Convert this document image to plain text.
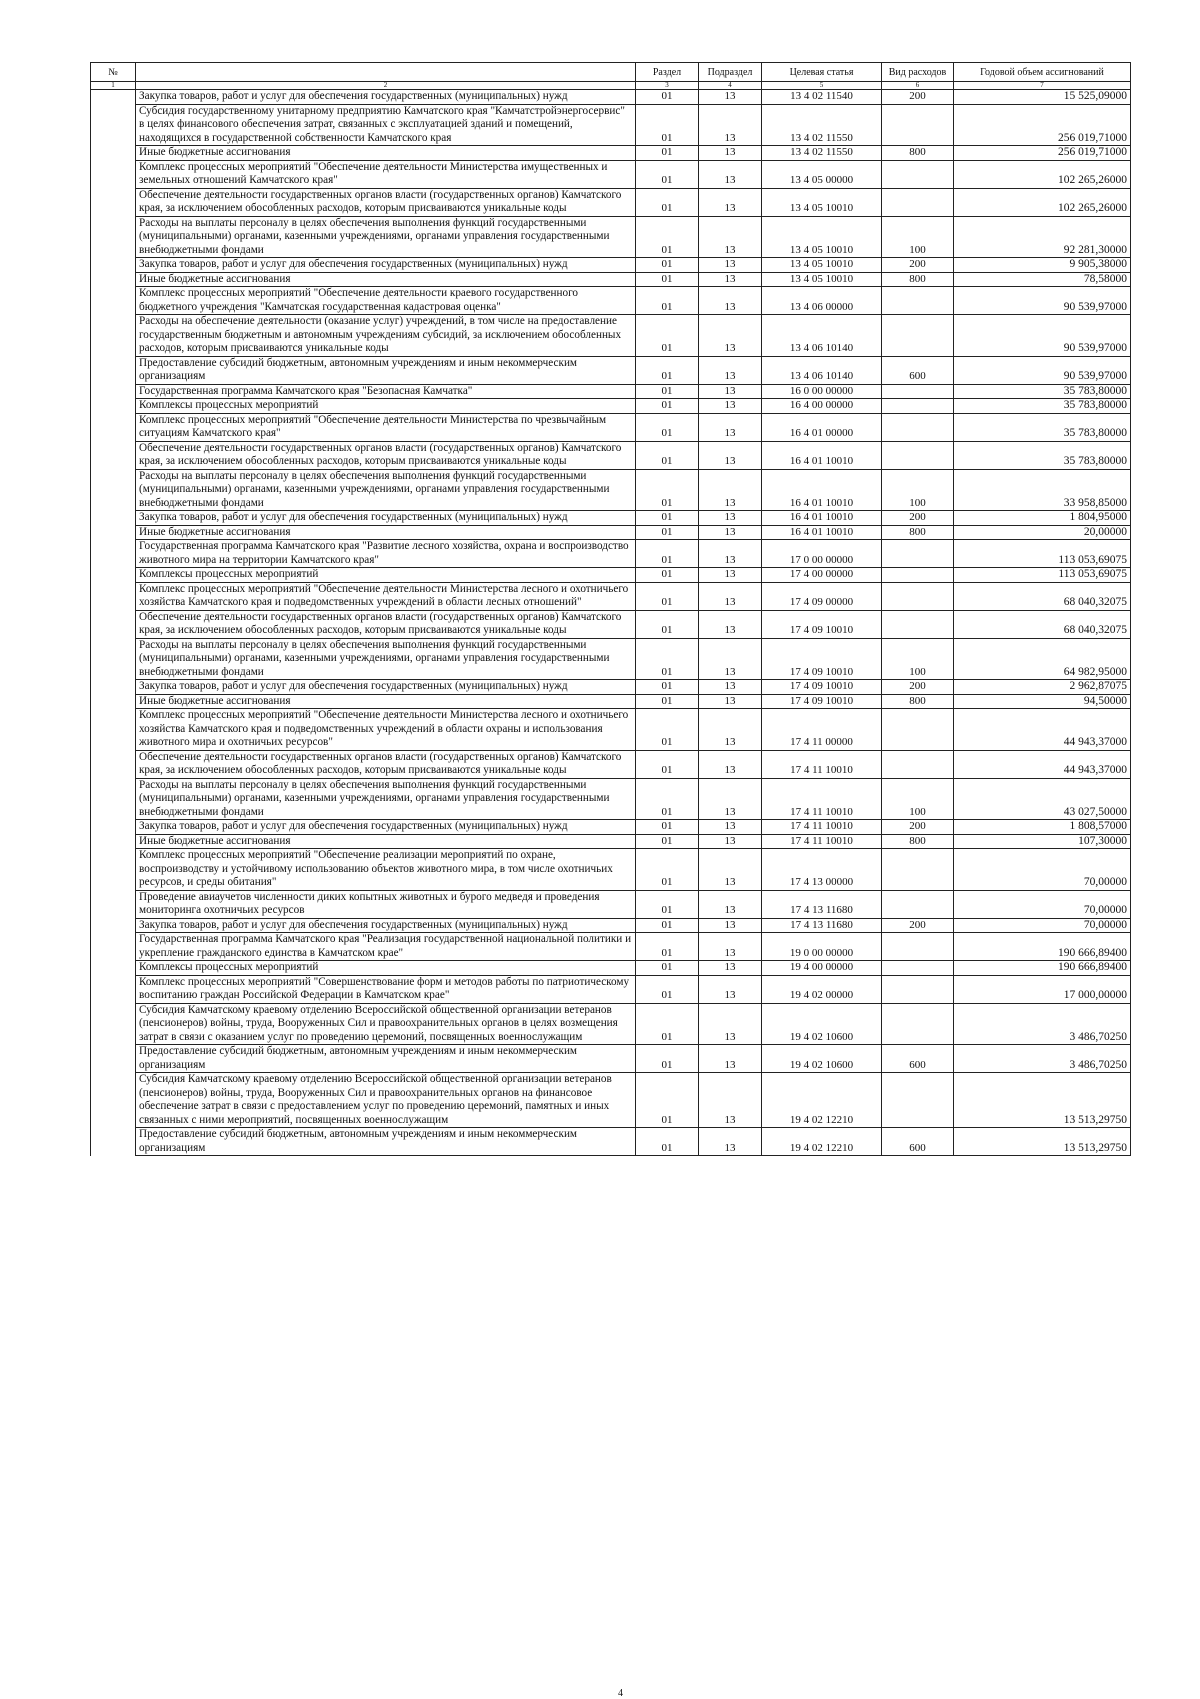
№		Раздел	Подраздел	Целевая статья	Вид расходов	Годовой объем ассигнований
1	2	3	4	5	6	7
	Закупка товаров, работ и услуг для обеспечения государственных (муниципальных) нужд	01	13	13 4 02 11540	200	15 525,09000
	Субсидия государственному унитарному предприятию Камчатского края "Камчатстройэнергосервис" в целях финансового обеспечения затрат, связанных с эксплуатацией зданий и помещений, находящихся в государственной собственности Камчатского края	01	13	13 4 02 11550		256 019,71000
	Иные бюджетные ассигнования	01	13	13 4 02 11550	800	256 019,71000
	Комплекс процессных мероприятий "Обеспечение деятельности Министерства имущественных и земельных отношений Камчатского края"	01	13	13 4 05 00000		102 265,26000
	Обеспечение деятельности государственных органов власти (государственных органов) Камчатского края, за исключением обособленных расходов, которым присваиваются уникальные коды	01	13	13 4 05 10010		102 265,26000
	Расходы на выплаты персоналу в целях обеспечения выполнения функций государственными (муниципальными) органами, казенными учреждениями, органами управления государственными внебюджетными фондами	01	13	13 4 05 10010	100	92 281,30000
	Закупка товаров, работ и услуг для обеспечения государственных (муниципальных) нужд	01	13	13 4 05 10010	200	9 905,38000
	Иные бюджетные ассигнования	01	13	13 4 05 10010	800	78,58000
	Комплекс процессных мероприятий "Обеспечение деятельности краевого государственного бюджетного учреждения "Камчатская государственная кадастровая оценка"	01	13	13 4 06 00000		90 539,97000
	Расходы на обеспечение деятельности (оказание услуг) учреждений, в том числе на предоставление государственным бюджетным и автономным учреждениям субсидий, за исключением обособленных расходов, которым присваиваются уникальные коды	01	13	13 4 06 10140		90 539,97000
	Предоставление субсидий бюджетным, автономным учреждениям и иным некоммерческим организациям	01	13	13 4 06 10140	600	90 539,97000
	Государственная программа Камчатского края "Безопасная Камчатка"	01	13	16 0 00 00000		35 783,80000
	Комплексы процессных мероприятий	01	13	16 4 00 00000		35 783,80000
	Комплекс процессных мероприятий "Обеспечение деятельности Министерства по чрезвычайным ситуациям Камчатского края"	01	13	16 4 01 00000		35 783,80000
	Обеспечение деятельности государственных органов власти (государственных органов) Камчатского края, за исключением обособленных расходов, которым присваиваются уникальные коды	01	13	16 4 01 10010		35 783,80000
	Расходы на выплаты персоналу в целях обеспечения выполнения функций государственными (муниципальными) органами, казенными учреждениями, органами управления государственными внебюджетными фондами	01	13	16 4 01 10010	100	33 958,85000
	Закупка товаров, работ и услуг для обеспечения государственных (муниципальных) нужд	01	13	16 4 01 10010	200	1 804,95000
	Иные бюджетные ассигнования	01	13	16 4 01 10010	800	20,00000
	Государственная программа Камчатского края "Развитие лесного хозяйства, охрана и воспроизводство животного мира на территории Камчатского края"	01	13	17 0 00 00000		113 053,69075
	Комплексы процессных мероприятий	01	13	17 4 00 00000		113 053,69075
	Комплекс процессных мероприятий "Обеспечение деятельности Министерства лесного и охотничьего хозяйства Камчатского края и подведомственных учреждений в области лесных отношений"	01	13	17 4 09 00000		68 040,32075
	Обеспечение деятельности государственных органов власти (государственных органов) Камчатского края, за исключением обособленных расходов, которым присваиваются уникальные коды	01	13	17 4 09 10010		68 040,32075
	Расходы на выплаты персоналу в целях обеспечения выполнения функций государственными (муниципальными) органами, казенными учреждениями, органами управления государственными внебюджетными фондами	01	13	17 4 09 10010	100	64 982,95000
	Закупка товаров, работ и услуг для обеспечения государственных (муниципальных) нужд	01	13	17 4 09 10010	200	2 962,87075
	Иные бюджетные ассигнования	01	13	17 4 09 10010	800	94,50000
	Комплекс процессных мероприятий "Обеспечение деятельности Министерства лесного и охотничьего хозяйства Камчатского края и подведомственных учреждений в области охраны и использования животного мира и охотничьих ресурсов"	01	13	17 4 11 00000		44 943,37000
	Обеспечение деятельности государственных органов власти (государственных органов) Камчатского края, за исключением обособленных расходов, которым присваиваются уникальные коды	01	13	17 4 11 10010		44 943,37000
	Расходы на выплаты персоналу в целях обеспечения выполнения функций государственными (муниципальными) органами, казенными учреждениями, органами управления государственными внебюджетными фондами	01	13	17 4 11 10010	100	43 027,50000
	Закупка товаров, работ и услуг для обеспечения государственных (муниципальных) нужд	01	13	17 4 11 10010	200	1 808,57000
	Иные бюджетные ассигнования	01	13	17 4 11 10010	800	107,30000
	Комплекс процессных мероприятий "Обеспечение реализации мероприятий по охране, воспроизводству и устойчивому использованию объектов животного мира, в том числе охотничьих ресурсов, и среды обитания"	01	13	17 4 13 00000		70,00000
	Проведение авиаучетов численности диких копытных животных и бурого медведя и проведения мониторинга охотничьих ресурсов	01	13	17 4 13 11680		70,00000
	Закупка товаров, работ и услуг для обеспечения государственных (муниципальных) нужд	01	13	17 4 13 11680	200	70,00000
	Государственная программа Камчатского края "Реализация государственной национальной политики и укрепление гражданского единства в Камчатском крае"	01	13	19 0 00 00000		190 666,89400
	Комплексы процессных мероприятий	01	13	19 4 00 00000		190 666,89400
	Комплекс процессных мероприятий "Совершенствование форм и методов работы по патриотическому воспитанию граждан Российской Федерации в Камчатском крае"	01	13	19 4 02 00000		17 000,00000
	Субсидия Камчатскому краевому отделению Всероссийской общественной организации ветеранов (пенсионеров) войны, труда, Вооруженных Сил и правоохранительных органов в целях возмещения затрат в связи с оказанием услуг по проведению церемоний, посвященных военнослужащим	01	13	19 4 02 10600		3 486,70250
	Предоставление субсидий бюджетным, автономным учреждениям и иным некоммерческим организациям	01	13	19 4 02 10600	600	3 486,70250
	Субсидия Камчатскому краевому отделению Всероссийской общественной организации ветеранов (пенсионеров) войны, труда, Вооруженных Сил и правоохранительных органов на финансовое обеспечение затрат в связи с предоставлением услуг по проведению церемоний, памятных и иных связанных с ними мероприятий, посвященных военнослужащим	01	13	19 4 02 12210		13 513,29750
	Предоставление субсидий бюджетным, автономным учреждениям и иным некоммерческим организациям	01	13	19 4 02 12210	600	13 513,29750
4
